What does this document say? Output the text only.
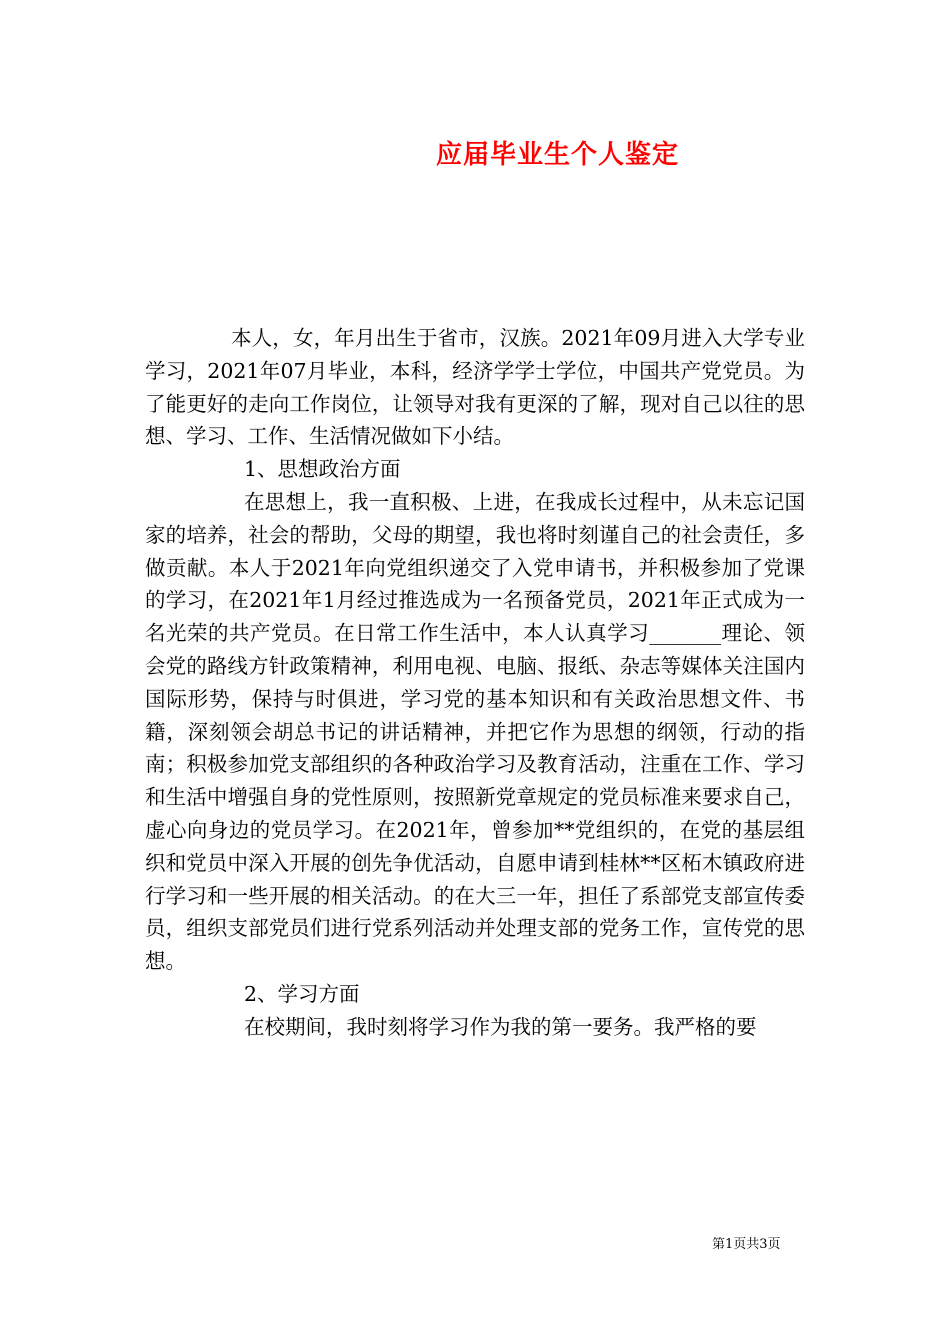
应届毕业生个人鉴定

本人，女，年月出生于省市，汉族。2021年09月进入大学专业学习，2021年07月毕业，本科，经济学学士学位，中国共产党党员。为了能更好的走向工作岗位，让领导对我有更深的了解，现对自己以往的思想、学习、工作、生活情况做如下小结。

1、思想政治方面

在思想上，我一直积极、上进，在我成长过程中，从未忘记国家的培养，社会的帮助，父母的期望，我也将时刻谨自己的社会责任，多做贡献。本人于2021年向党组织递交了入党申请书，并积极参加了党课的学习，在2021年1月经过推选成为一名预备党员，2021年正式成为一名光荣的共产党员。在日常工作生活中，本人认真学习_______理论、领会党的路线方针政策精神，利用电视、电脑、报纸、杂志等媒体关注国内国际形势，保持与时俱进，学习党的基本知识和有关政治思想文件、书籍，深刻领会胡总书记的讲话精神，并把它作为思想的纲领，行动的指南；积极参加党支部组织的各种政治学习及教育活动，注重在工作、学习和生活中增强自身的党性原则，按照新党章规定的党员标准来要求自己，虚心向身边的党员学习。在2021年，曾参加**党组织的，在党的基层组织和党员中深入开展的创先争优活动，自愿申请到桂林**区柘木镇政府进行学习和一些开展的相关活动。的在大三一年，担任了系部党支部宣传委员，组织支部党员们进行党系列活动并处理支部的党务工作，宣传党的思想。

2、学习方面

在校期间，我时刻将学习作为我的第一要务。我严格的要

第1页共3页
